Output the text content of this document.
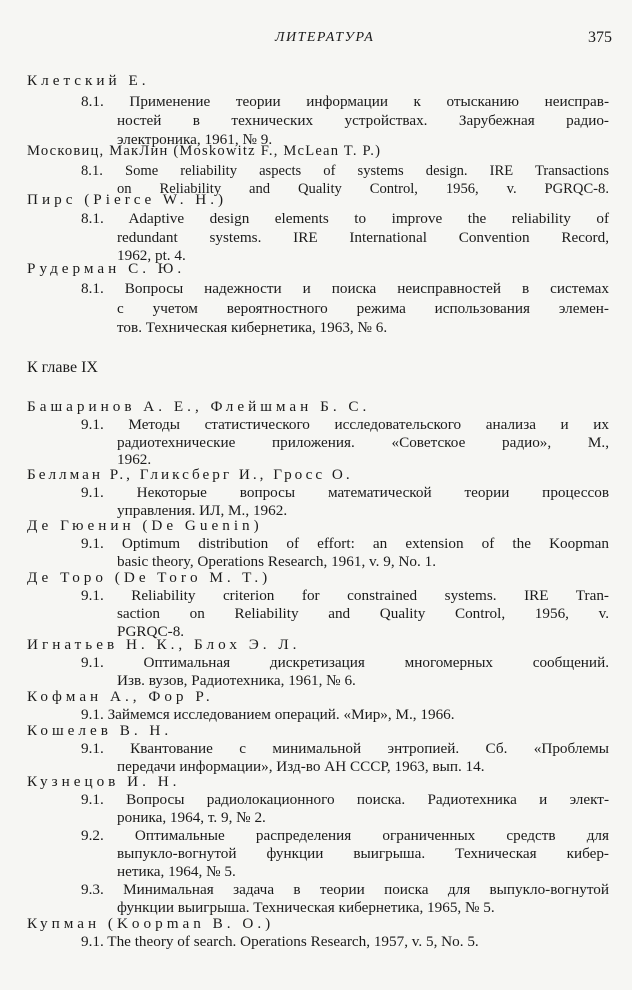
ЛИТЕРАТУРА	375
Клетский Е.
8.1. Применение теории информации к отысканию неисправ-
ностей в технических устройствах. Зарубежная радио-
электроника, 1961, № 9.
Московиц, МакЛин (Moskowitz F., McLean T. P.)
8.1. Some reliability aspects of systems design. IRE Transactions
on Reliability and Quality Control, 1956, v. PGRQC-8.
Пирс (Pierce W. H.)
8.1. Adaptive design elements to improve the reliability of
redundant systems. IRE International Convention Record,
1962, pt. 4.
Рудерман С. Ю.
8.1. Вопросы надежности и поиска неисправностей в системах
с учетом вероятностного режима использования элемен-
тов. Техническая кибернетика, 1963, № 6.
К главе IX
Башаринов А. Е., Флейшман Б. С.
9.1. Методы статистического исследовательского анализа и их
радиотехнические приложения. «Советское радио», М.,
1962.
Беллман Р., Гликсберг И., Гросс О.
9.1. Некоторые вопросы математической теории процессов
управления. ИЛ, М., 1962.
Де Гюенин (De Guenin)
9.1. Optimum distribution of effort: an extension of the Koopman
basic theory, Operations Research, 1961, v. 9, No. 1.
Де Торо (De Toro M. T.)
9.1. Reliability criterion for constrained systems. IRE Tran-
saction on Reliability and Quality Control, 1956, v.
PGRQC-8.
Игнатьев Н. К., Блох Э. Л.
9.1. Оптимальная дискретизация многомерных сообщений.
Изв. вузов, Радиотехника, 1961, № 6.
Кофман А., Фор Р.
9.1. Займемся исследованием операций. «Мир», М., 1966.
Кошелев В. Н.
9.1. Квантование с минимальной энтропией. Сб. «Проблемы
передачи информации», Изд-во АН СССР, 1963, вып. 14.
Кузнецов И. Н.
9.1. Вопросы радиолокационного поиска. Радиотехника и элект-
роника, 1964, т. 9, № 2.
9.2. Оптимальные распределения ограниченных средств для
выпукло-вогнутой функции выигрыша. Техническая кибер-
нетика, 1964, № 5.
9.3. Минимальная задача в теории поиска для выпукло-вогнутой
функции выигрыша. Техническая кибернетика, 1965, № 5.
Купман (Koopman B. O.)
9.1. The theory of search. Operations Research, 1957, v. 5, No. 5.
